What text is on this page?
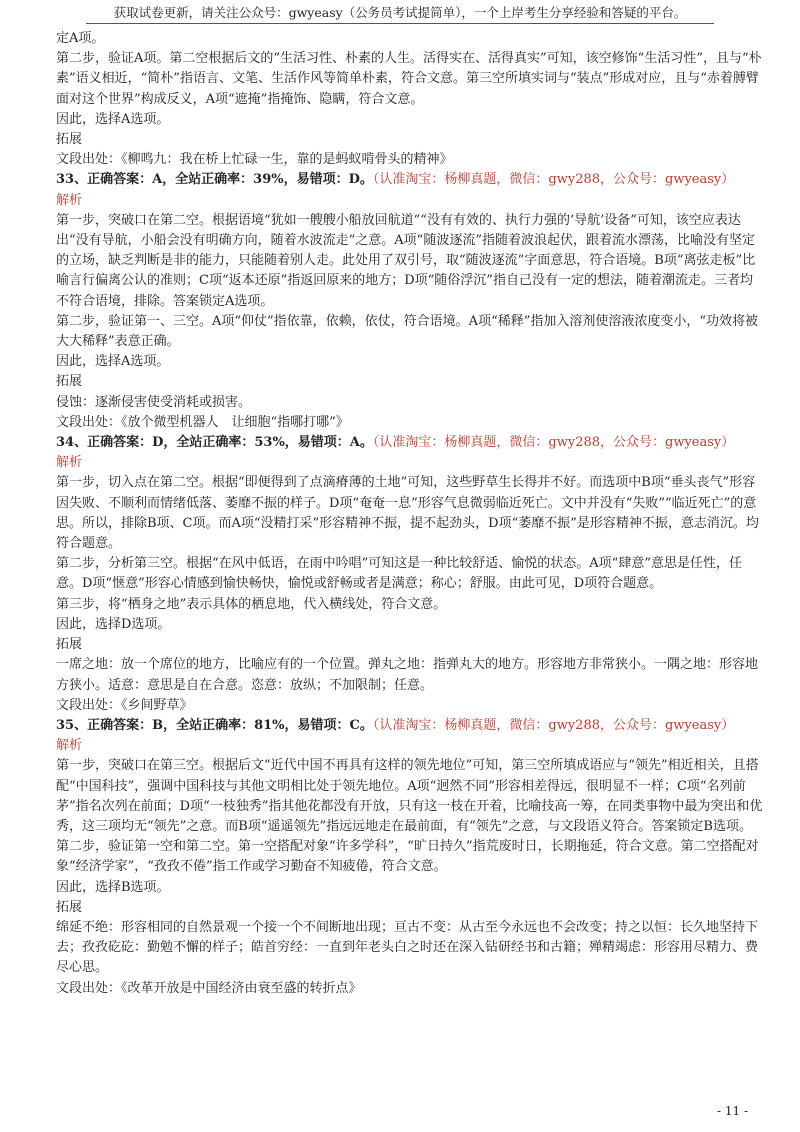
获取试卷更新，请关注公众号：gwyeasy（公务员考试提简单），一个上岸考生分享经验和答疑的平台。

定A项。

第二步，验证A项。第二空根据后文的“生活习性、朴素的人生。活得实在、活得真实”可知，该空修饰“生活习性”，且与“朴素”语义相近，“简朴”指语言、文笔、生活作风等简单朴素，符合文意。第三空所填实词与“装点”形成对应，且与“赤着膊臂面对这个世界”构成反义，A项“遮掩”指掩饰、隐瞒，符合文意。

因此，选择A选项。

拓展

文段出处：《柳鸣九：我在桥上忙碌一生，靠的是蚂蚁啃骨头的精神》

33、正确答案：A，全站正确率：39%，易错项：D。（认准淘宝：杨柳真题，微信：gwy288，公众号：gwyeasy）

解析

第一步，突破口在第二空。根据语境“犹如一艘艘小船放回航道”“没有有效的、执行力强的‘导航’设备”可知，该空应表达出“没有导航，小船会没有明确方向，随着水波流走”之意。A项“随波逐流”指随着波浪起伏，跟着流水漂荡，比喻没有坚定的立场，缺乏判断是非的能力，只能随着别人走。此处用了双引号，取“随波逐流”字面意思，符合语境。B项“离弦走板”比喻言行偏离公认的准则；C项“返本还原”指返回原来的地方；D项“随俗浮沉”指自己没有一定的想法，随着潮流走。三者均不符合语境，排除。答案锁定A选项。

第二步，验证第一、三空。A项“仰仗”指依靠，依赖，依仗，符合语境。A项“稀释”指加入溶剂使溶液浓度变小，“功效将被大大稀释”表意正确。

因此，选择A选项。

拓展

侵蚀：逐渐侵害使受消耗或损害。

文段出处：《放个微型机器人　让细胞“指哪打哪”》

34、正确答案：D，全站正确率：53%，易错项：A。（认准淘宝：杨柳真题，微信：gwy288，公众号：gwyeasy）

解析

第一步，切入点在第二空。根据“即便得到了点滴瘠薄的土地”可知，这些野草生长得并不好。而选项中B项“垂头丧气”形容因失败、不顺利而情绪低落、萎靡不振的样子。D项“奄奄一息”形容气息微弱临近死亡。文中并没有“失败”“临近死亡”的意思。所以，排除B项、C项。而A项“没精打采”形容精神不振，提不起劲头，D项“萎靡不振”是形容精神不振，意志消沉。均符合题意。

第二步，分析第三空。根据“在风中低语，在雨中吟唱”可知这是一种比较舒适、愉悦的状态。A项“肆意”意思是任性，任意。D项“惬意”形容心情感到愉快畅快，愉悦或舒畅或者是满意；称心；舒服。由此可见，D项符合题意。

第三步，将“栖身之地”表示具体的栖息地，代入横线处，符合文意。

因此，选择D选项。

拓展

一席之地：放一个席位的地方，比喻应有的一个位置。弹丸之地：指弹丸大的地方。形容地方非常狭小。一隅之地：形容地方狭小。适意：意思是自在合意。恣意：放纵；不加限制；任意。

文段出处：《乡间野草》

35、正确答案：B，全站正确率：81%，易错项：C。（认准淘宝：杨柳真题，微信：gwy288，公众号：gwyeasy）

解析

第一步，突破口在第三空。根据后文“近代中国不再具有这样的领先地位”可知，第三空所填成语应与“领先”相近相关，且搭配“中国科技”，强调中国科技与其他文明相比处于领先地位。A项“迥然不同”形容相差得远，很明显不一样；C项“名列前茅”指名次列在前面；D项“一枝独秀”指其他花都没有开放，只有这一枝在开着，比喻技高一筹，在同类事物中最为突出和优秀，这三项均无“领先”之意。而B项“遥遥领先”指远远地走在最前面，有“领先”之意，与文段语义符合。答案锁定B选项。

第二步，验证第一空和第二空。第一空搭配对象“许多学科”，“旷日持久”指荒废时日，长期拖延，符合文意。第二空搭配对象“经济学家”，“孜孜不倦”指工作或学习勤奋不知疲倦，符合文意。

因此，选择B选项。

拓展

绵延不绝：形容相同的自然景观一个接一个不间断地出现；亘古不变：从古至今永远也不会改变；持之以恒：长久地坚持下去；孜孜矻矻：勤勉不懈的样子；皓首穷经：一直到年老头白之时还在深入钻研经书和古籍；殚精竭虑：形容用尽精力、费尽心思。

文段出处：《改革开放是中国经济由衰至盛的转折点》

- 11 -
